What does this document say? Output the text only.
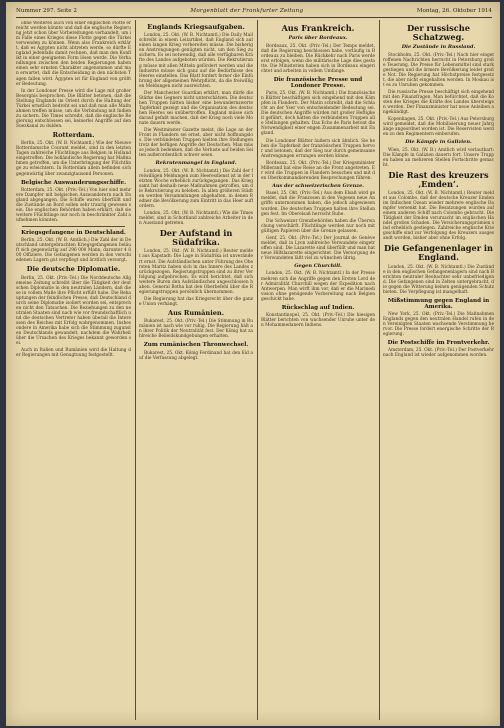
Nummer 297. Seite 2	Morgenblatt der Frankfurter Zeitung	Montag, 26. Oktober 1914

ohne Weiteres auch von einer englischen Flotte erreicht werden könnte und daß die englische Regierung jetzt schon über Vorbereitungen verhandelt, um im Falle eines Krieges diese Flotte gegen die Türkei verwenden zu können. Wenn also Frankreich erklärt, daß es Ägypten nicht abtreten werde, so dürfte England jedenfalls damit rechnen, daß man den Konflikt in einer geeigneten Form lösen werde. Die Verhandlungen zwischen den beiden Regierungen haben einen sehr ernsten Charakter angenommen und man erwartet, daß die Entscheidung in den nächsten Tagen fallen wird. Ägypten ist für England von größter Bedeutung.

In der Londoner Presse wird die Lage mit großer Besorgnis besprochen. Die Blätter betonen, daß die Stellung Englands im Orient durch die Haltung der Türkei ernstlich bedroht sei und daß man alle Maßnahmen treffen müsse, um die Verbindung mit Indien zu sichern. Die Times schreibt, daß die englische Regierung entschlossen sei, keinerlei Angriffe auf den Suezkanal zu dulden.

Rotterdam.

Berlin, 25. Okt. (W. B. Nichtamtl.) Wie der Nieuwe Rotterdamsche Courant meldet, sind in den letzten Tagen zahlreiche Flüchtlinge aus Belgien in Holland eingetroffen. Die holländische Regierung hat Maßnahmen getroffen, um die Unterbringung der Flüchtlinge zu erleichtern. In Rotterdam allein befinden sich gegenwärtig über zwanzigtausend Personen.

Belgische Auswanderungsschiffe.

Rotterdam, 25. Okt. (Priv.-Tel.) Von hier sind mehrere Dampfer mit belgischen Auswanderern nach England abgegangen. Die Schiffe waren überfüllt und die Zustände an Bord sollen sehr traurig gewesen sein. Die englischen Behörden haben erklärt, daß sie weitere Flüchtlinge nur noch in beschränkter Zahl aufnehmen könnten.

Kriegsgefangene in Deutschland.

Berlin, 25. Okt. (W. B. Amtlich.) Die Zahl der in Deutschland untergebrachten Kriegsgefangenen beläuft sich gegenwärtig auf 296 000 Mann, darunter 4 800 Offiziere. Die Gefangenen werden in den verschiedenen Lagern gut verpflegt und ärztlich versorgt.

Die deutsche Diplomatie.

Berlin, 25. Okt. (Priv.-Tel.) Die Norddeutsche Allgemeine Zeitung schreibt über die Tätigkeit der deutschen Diplomatie in den neutralen Ländern, daß diese in vollem Maße ihre Pflicht erfüllt habe. Die Behauptungen der feindlichen Presse, daß Deutschland durch seine Diplomatie isoliert worden sei, entsprechen nicht den Tatsachen. Die Beziehungen zu den neutralen Staaten sind nach wie vor freundschaftlich und die deutschen Vertreter haben überall die Interessen des Reiches mit Erfolg wahrgenommen. Insbesondere in Amerika habe sich die Stimmung zugunsten Deutschlands gewandelt, nachdem die Wahrheit über die Ursachen des Krieges bekannt geworden sei.

Auch in Italien und Rumänien wird die Haltung der Regierungen mit Genugtuung festgestellt.

Englands Kriegsaufgaben.

London, 25. Okt. (W. B. Nichtamtl.) Die Daily Mail schreibt in einem Leitartikel, daß England sich auf einen langen Krieg vorbereiten müsse. Die bisherigen Anstrengungen genügten nicht, um den Sieg zu sichern. Es sei notwendig, daß alle verfügbaren Kräfte des Landes aufgeboten würden. Die Rekrutierung müsse mit allen Mitteln gefördert werden und die Industrie müsse sich ganz auf die Bedürfnisse des Heeres einstellen. Das Blatt fordert ferner die Einführung der allgemeinen Wehrpflicht, da die freiwilligen Meldungen nicht ausreichten.

Der Manchester Guardian erklärt, man dürfe die Stärke des Gegners nicht unterschätzen. Die deutschen Truppen hätten bisher eine bewundernswerte Tapferkeit gezeigt und die Organisation des deutschen Heeres sei unübertroffen. England müsse sich darauf gefaßt machen, daß der Krieg noch viele Monate dauern werde.

Die Westminster Gazette meint, die Lage an der Front in Flandern sei ernst, aber nicht hoffnungslos. Die verbündeten Truppen hielten ihre Stellungen trotz der heftigen Angriffe der Deutschen. Man müsse jedoch bedenken, daß die Verluste auf beiden Seiten außerordentlich schwer seien.

Rekrutenmangel in England.

London, 25. Okt. (W. B. Nichtamtl.) Die Zahl der freiwilligen Meldungen zum Heeresdienst ist in der letzten Woche erheblich zurückgegangen. Das Kriegsamt hat deshalb neue Maßnahmen getroffen, um die Rekrutierung zu beleben. In allen größeren Städten werden Versammlungen abgehalten, in denen Redner die Bevölkerung zum Eintritt in das Heer auffordern.

London, 25. Okt. (W. B. Nichtamtl.) Wie die Times meldet, sind in Schottland zahlreiche Arbeiter in den Ausstand getreten.

Der Aufstand in Südafrika.

London, 25. Okt. (W. B. Nichtamtl.) Reuter meldet aus Kapstadt: Die Lage in Südafrika ist unverändert ernst. Die Aufständischen unter Führung des Obersten Maritz haben sich in das Innere des Landes zurückgezogen. Regierungstruppen sind zu ihrer Verfolgung aufgebrochen. Es wird berichtet, daß sich weitere Buren den Aufständischen angeschlossen haben. General Botha hat den Oberbefehl über die Regierungstruppen persönlich übernommen.

Die Regierung hat das Kriegsrecht über die ganze Union verhängt.

Aus Rumänien.

Bukarest, 25. Okt. (Priv.-Tel.) Die Stimmung in Rumänien ist nach wie vor ruhig. Die Regierung hält an ihrer Politik der Neutralität fest. Der König hat zahlreiche Beileidskundgebungen erhalten.

Zum rumänischen Thronwechsel.

Bukarest, 25. Okt. König Ferdinand hat den Eid auf die Verfassung abgelegt.

Aus Frankreich.
Paris über Bordeaux.

Bordeaux, 25. Okt. (Priv.-Tel.) Der Temps meldet, daß die Regierung beschlossen habe, vorläufig in Bordeaux zu bleiben. Die Rückkehr nach Paris werde erst erfolgen, wenn die militärische Lage dies gestatte. Die Ministerien haben sich in Bordeaux eingerichtet und arbeiten in vollem Umfange.

Die französische Presse und Londoner Presse.

Paris, 25. Okt. (W. B. Nichtamtl.) Die französischen Blätter beschäftigen sich eingehend mit den Kämpfen in Flandern. Der Matin schreibt, daß die Schlacht an der Yser von entscheidender Bedeutung sei. Die deutschen Angriffe würden mit großer Heftigkeit geführt, doch hätten die verbündeten Truppen alle Stellungen gehalten. Das Echo de Paris betont die Notwendigkeit einer engen Zusammenarbeit mit England.

Die Londoner Blätter äußern sich ähnlich. Sie heben die Tapferkeit der französischen Truppen hervor und betonen, daß der Sieg nur durch gemeinsame Anstrengungen errungen werden könne.

Bordeaux, 25. Okt. (Priv.-Tel.) Der Kriegsminister Millerand hat eine Reise an die Front angetreten. Er wird die Truppen in Flandern besuchen und mit den Oberkommandierenden Besprechungen führen.

Aus der schweizerischen Grenze.

Basel, 25. Okt. (Priv.-Tel.) Aus dem Elsaß wird gemeldet, daß die Franzosen in den Vogesen neue Angriffe unternommen haben, die jedoch abgewiesen wurden. Die deutschen Truppen halten ihre Stellungen fest. Im Oberelsaß herrscht Ruhe.

Die Schweizer Grenzbehörden haben die Überwachung verschärft. Flüchtlinge werden nur noch mit gültigen Papieren über die Grenze gelassen.

Genf, 25. Okt. (Priv.-Tel.) Der Journal de Genève meldet, daß in Lyon zahlreiche Verwundete eingetroffen sind. Die Lazarette sind überfüllt und man hat neue Hilfslazarette eingerichtet. Die Versorgung der Verwundeten läßt viel zu wünschen übrig.

Gegen Churchill.

London, 25. Okt. (W. B. Nichtamtl.) In der Presse mehren sich die Angriffe gegen den Ersten Lord der Admiralität Churchill wegen der Expedition nach Antwerpen. Man wirft ihm vor, daß er die Marinedivision ohne genügende Vorbereitung nach Belgien geschickt habe.

Rückschlag auf Indien.

Konstantinopel, 25. Okt. (Priv.-Tel.) Die hiesigen Blätter berichten von wachsender Unruhe unter den Mohammedanern Indiens.

Der russische Schatzweg.
Die Zustände in Russland.

Stockholm, 25. Okt. (Priv.-Tel.) Nach hier eingetroffenen Nachrichten herrscht in Petersburg große Teuerung. Die Preise für Lebensmittel sind stark gestiegen und die ärmere Bevölkerung leidet große Not. Die Regierung hat Höchstpreise festgesetzt, die aber nicht eingehalten werden. In Moskau ist es zu Unruhen gekommen.

Die russische Presse beschäftigt sich eingehend mit den Finanzfragen. Man befürchtet, daß die Kosten des Krieges die Kräfte des Landes übersteigen werden. Der Finanzminister hat neue Anleihen angekündigt.

Kopenhagen, 25. Okt. (Priv.-Tel.) Aus Petersburg wird gemeldet, daß die Mobilisierung neuer Jahrgänge angeordnet worden ist. Die Reservisten werden zu den Regimentern einberufen.

Die Kämpfe in Galizien.

Wien, 25. Okt. (W. B.) Amtlich wird verlautbart: Die Kämpfe in Galizien dauern fort. Unsere Truppen haben an mehreren Stellen Fortschritte gemacht.

Die Rast des kreuzers ‚Emden‘.

London, 25. Okt. (W. B. Nichtamtl.) Reuter meldet aus Colombo, daß der deutsche Kreuzer Emden im Indischen Ozean wieder mehrere englische Dampfer versenkt hat. Die Besatzungen wurden auf einem anderen Schiff nach Colombo gebracht. Die Tätigkeit der Emden verursacht im englischen Handel großen Schaden. Die Versicherungsprämien sind erheblich gestiegen. Zahlreiche englische Kriegsschiffe sind zur Verfolgung des Kreuzers ausgesandt worden, bisher aber ohne Erfolg.

Die Gefangenenlager in England.

London, 25. Okt. (W. B. Nichtamtl.) Die Zustände in den englischen Gefangenenlagern sind nach Berichten neutraler Beobachter sehr unbefriedigend. Die Gefangenen sind in Zelten untergebracht, die gegen die Witterung keinen genügenden Schutz bieten. Die Verpflegung ist mangelhaft.

Mißstimmung gegen England in Amerika.

New York, 25. Okt. (Priv.-Tel.) Die Maßnahmen Englands gegen den neutralen Handel rufen in den Vereinigten Staaten wachsende Verstimmung hervor. Die Presse fordert energische Schritte der Regierung.

Die Postschiffe im Frontverkehr.

Amsterdam, 25. Okt. (Priv.-Tel.) Der Postverkehr nach England ist wieder aufgenommen worden.
